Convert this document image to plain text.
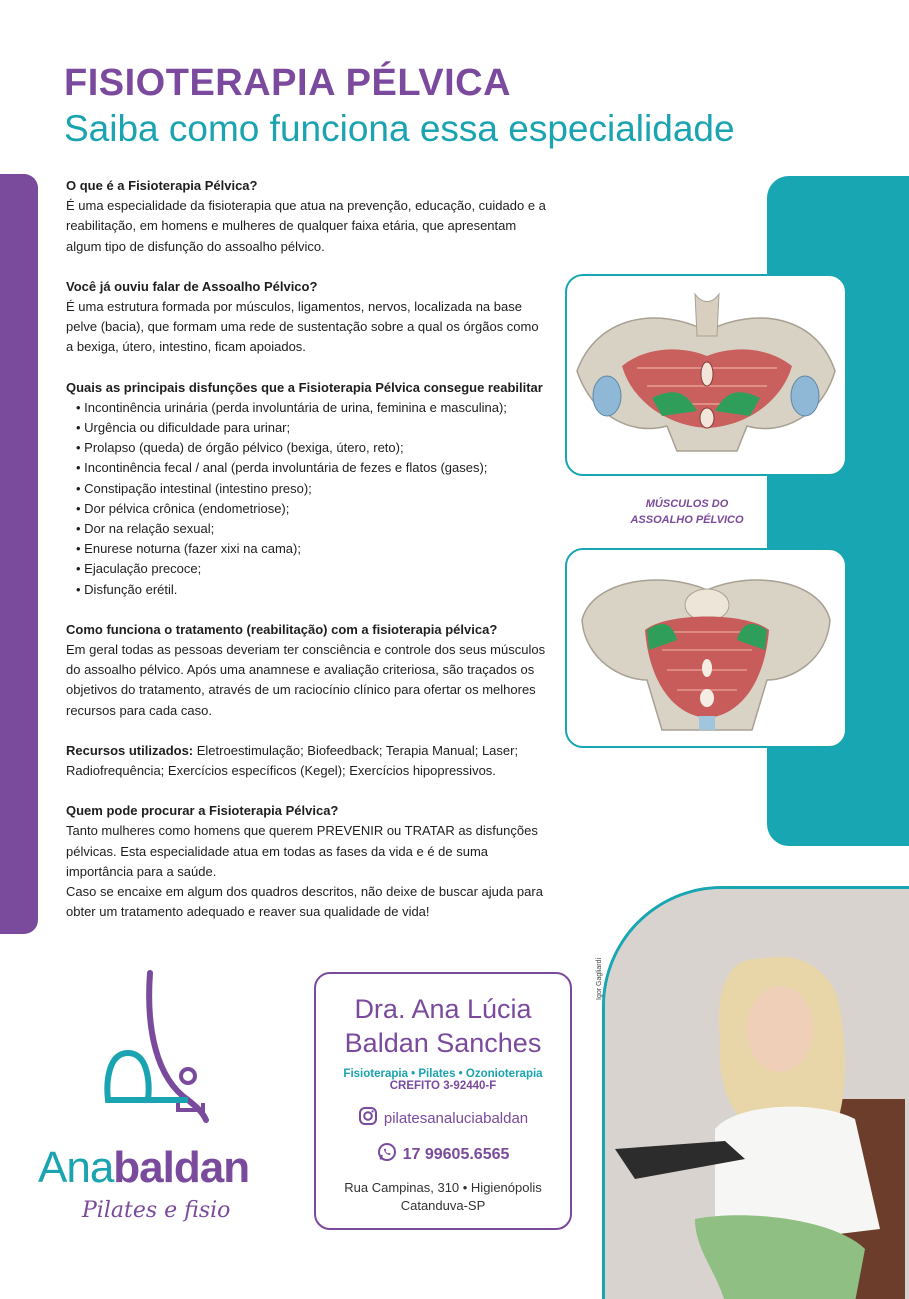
FISIOTERAPIA PÉLVICA
Saiba como funciona essa especialidade
O que é a Fisioterapia Pélvica?

É uma especialidade da fisioterapia que atua na prevenção, educação, cuidado e a reabilitação, em homens e mulheres de qualquer faixa etária, que apresentam algum tipo de disfunção do assoalho pélvico.

Você já ouviu falar de Assoalho Pélvico?

É uma estrutura formada por músculos, ligamentos, nervos, localizada na base pelve (bacia), que formam uma rede de sustentação sobre a qual os órgãos como a bexiga, útero, intestino, ficam apoiados.

Quais as principais disfunções que a Fisioterapia Pélvica consegue reabilitar
• Incontinência urinária (perda involuntária de urina, feminina e masculina);
• Urgência ou dificuldade para urinar;
• Prolapso (queda) de órgão pélvico (bexiga, útero, reto);
• Incontinência fecal / anal (perda involuntária de fezes e flatos (gases);
• Constipação intestinal (intestino preso);
• Dor pélvica crônica (endometriose);
• Dor na relação sexual;
• Enurese noturna (fazer xixi na cama);
• Ejaculação precoce;
• Disfunção erétil.
Como funciona o tratamento (reabilitação) com a fisioterapia pélvica?

Em geral todas as pessoas deveriam ter consciência e controle dos seus músculos do assoalho pélvico. Após uma anamnese e avaliação criteriosa, são traçados os objetivos do tratamento, através de um raciocínio clínico para ofertar os melhores recursos para cada caso.

Recursos utilizados: Eletroestimulação; Biofeedback; Terapia Manual; Laser; Radiofrequência; Exercícios específicos (Kegel); Exercícios hipopressivos.

Quem pode procurar a Fisioterapia Pélvica?

Tanto mulheres como homens que querem PREVENIR ou TRATAR as disfunções pélvicas. Esta especialidade atua em todas as fases da vida e é de suma importância para a saúde.

Caso se encaixe em algum dos quadros descritos, não deixe de buscar ajuda para obter um tratamento adequado e reaver sua qualidade de vida!

MÚSCULOS DO
ASSOALHO PÉLVICO
Anabaldan
Pilates e fisio
Dra. Ana Lúcia
Baldan Sanches
Fisioterapia • Pilates • Ozonioterapia
CREFITO 3-92440-F
pilatesanaluciabaldan
17 99605.6565
Rua Campinas, 310 • Higienópolis
Catanduva-SP
Igor Gagliardi
